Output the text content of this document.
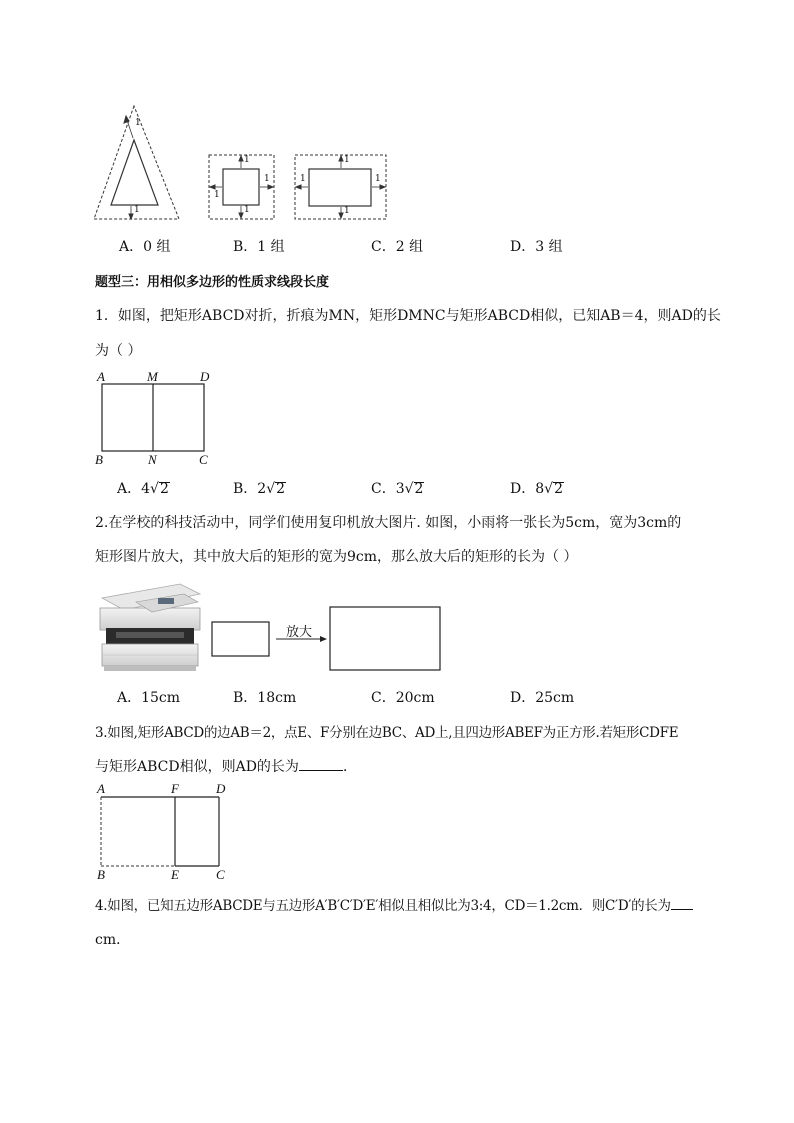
1
1
1
1
1
1
1
1
1	1
A．0 组	B．1 组	C．2 组	D．3 组
题型三：用相似多边形的性质求线段长度
1．如图，把矩形ABCD对折，折痕为MN，矩形DMNC与矩形ABCD相似，已知AB＝4，则AD的长
为（ ）
A	M	D
B	N	C
A．4√2	B．2√2	C．3√2	D．8√2
2.在学校的科技活动中，同学们使用复印机放大图片. 如图，小雨将一张长为5cm，宽为3cm的
矩形图片放大，其中放大后的矩形的宽为9cm，那么放大后的矩形的长为（ ）
放大
A．15cm	B．18cm	C．20cm	D．25cm
3.如图,矩形ABCD的边AB＝2，点E、F分别在边BC、AD上,且四边形ABEF为正方形.若矩形CDFE
与矩形ABCD相似，则AD的长为	．
A	F	D
B	E	C
4.如图，已知五边形ABCDE与五边形A′B′C′D′E′相似且相似比为3:4，CD＝1.2cm．则C′D′的长为
cm．
